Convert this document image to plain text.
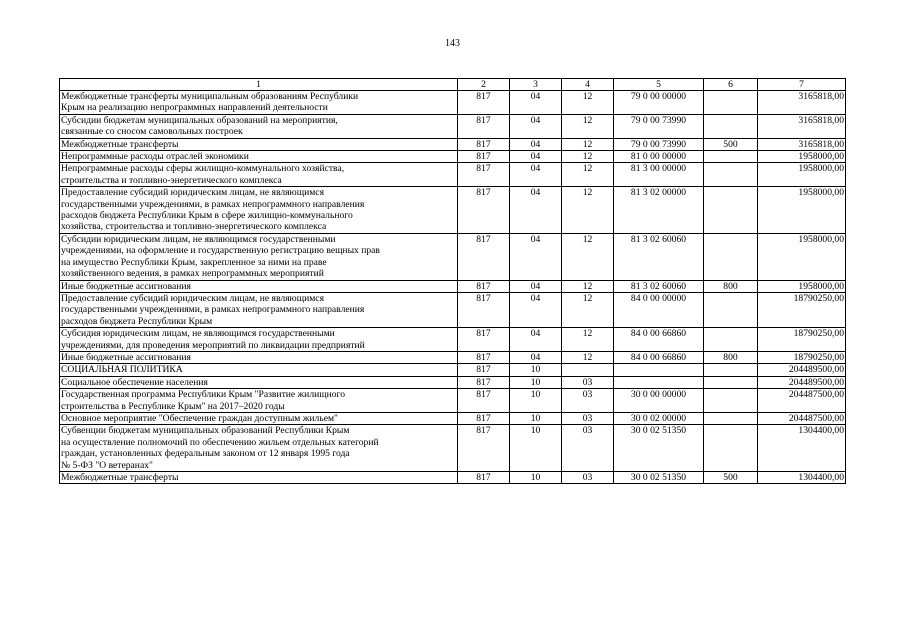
143
1	2	3	4	5	6	7
Межбюджетные трансферты муниципальным образованиям Республики
Крым на реализацию непрограммных направлений деятельности	817	04	12	79 0 00 00000		3165818,00
Субсидии бюджетам муниципальных образований на мероприятия,
связанные со сносом самовольных построек	817	04	12	79 0 00 73990		3165818,00
Межбюджетные трансферты	817	04	12	79 0 00 73990	500	3165818,00
Непрограммные расходы отраслей экономики	817	04	12	81 0 00 00000		1958000,00
Непрограммные расходы сферы жилищно-коммунального хозяйства,
строительства и топливно-энергетического комплекса	817	04	12	81 3 00 00000		1958000,00
Предоставление субсидий юридическим лицам, не являющимся
государственными учреждениями, в рамках непрограммного направления
расходов бюджета Республики Крым в сфере жилищно-коммунального
хозяйства, строительства и топливно-энергетического комплекса	817	04	12	81 3 02 00000		1958000,00
Субсидии юридическим лицам, не являющимся государственными
учреждениями, на оформление и государственную регистрацию вещных прав
на имущество Республики Крым, закрепленное за ними на праве
хозяйственного ведения, в рамках непрограммных мероприятий	817	04	12	81 3 02 60060		1958000,00
Иные бюджетные ассигнования	817	04	12	81 3 02 60060	800	1958000,00
Предоставление субсидий юридическим лицам, не являющимся
государственными учреждениями, в рамках непрограммного направления
расходов бюджета Республики Крым	817	04	12	84 0 00 00000		18790250,00
Субсидия юридическим лицам, не являющимся государственными
учреждениями, для проведения мероприятий по ликвидации предприятий	817	04	12	84 0 00 66860		18790250,00
Иные бюджетные ассигнования	817	04	12	84 0 00 66860	800	18790250,00
СОЦИАЛЬНАЯ ПОЛИТИКА	817	10				204489500,00
Социальное обеспечение населения	817	10	03			204489500,00
Государственная программа Республики Крым "Развитие жилищного
строительства в Республике Крым" на 2017–2020 годы	817	10	03	30 0 00 00000		204487500,00
Основное мероприятие "Обеспечение граждан доступным жильем"	817	10	03	30 0 02 00000		204487500,00
Субвенции бюджетам муниципальных образований Республики Крым
на осуществление полномочий по обеспечению жильем отдельных категорий
граждан, установленных федеральным законом от 12 января 1995 года
№ 5-ФЗ "О ветеранах"	817	10	03	30 0 02 51350		1304400,00
Межбюджетные трансферты	817	10	03	30 0 02 51350	500	1304400,00
